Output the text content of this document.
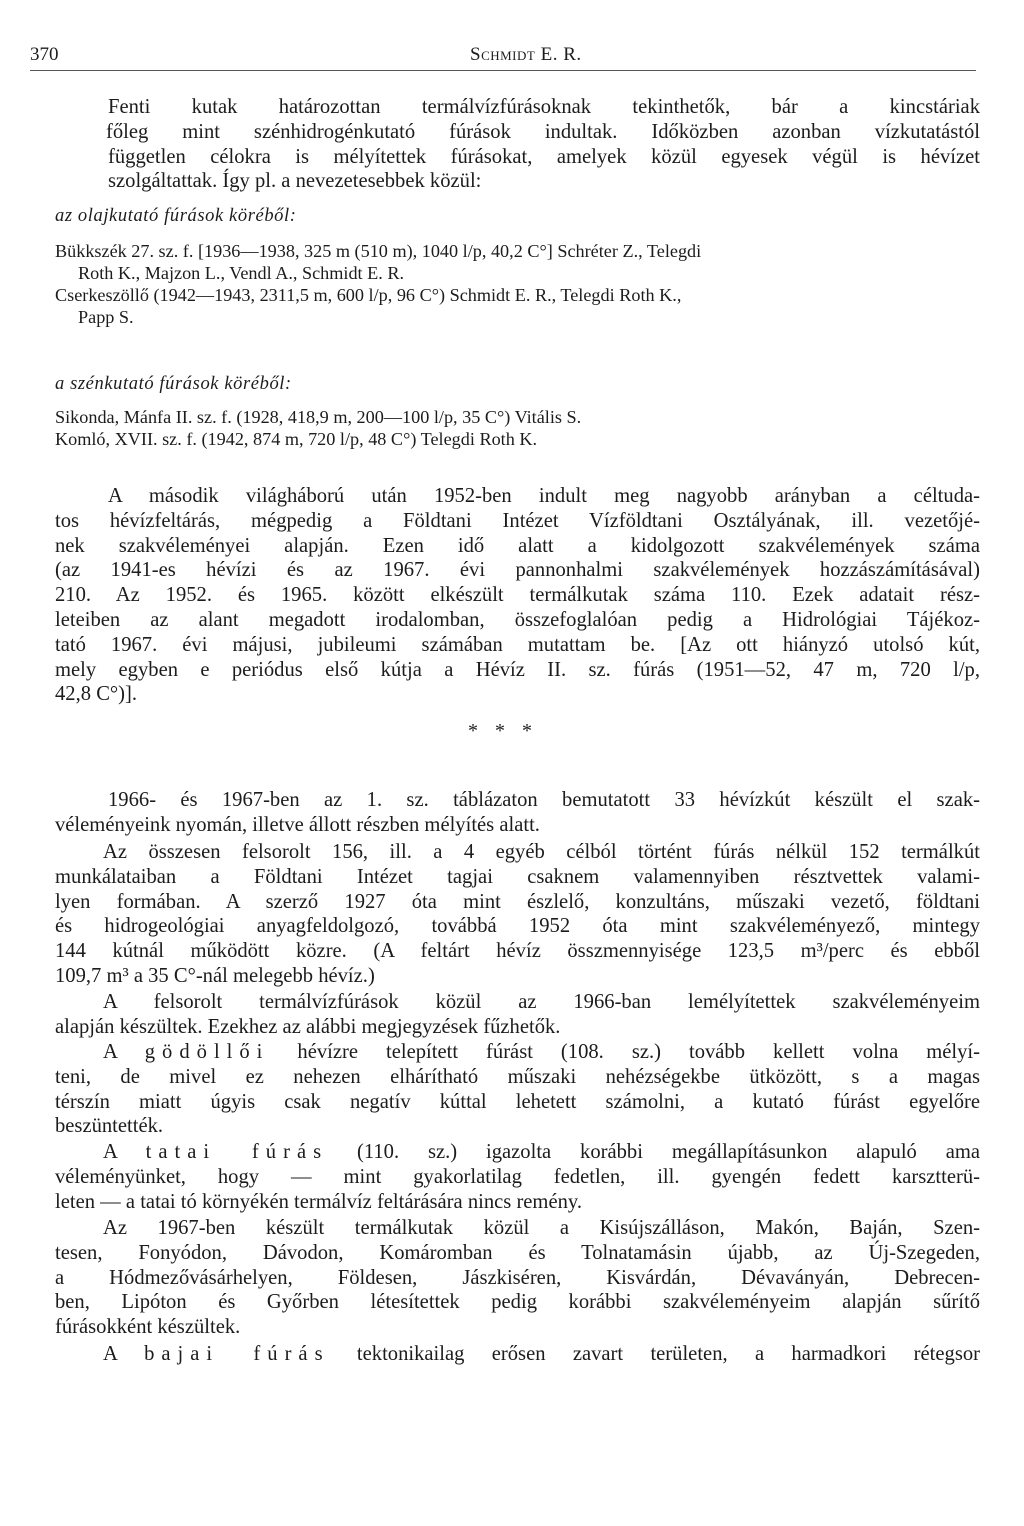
370	Schmidt E. R.
Fenti kutak határozottan termálvízfúrásoknak tekinthetők, bár a kincstáriak
főleg mint szénhidrogénkutató fúrások indultak. Időközben azonban vízkutatástól
független célokra is mélyítettek fúrásokat, amelyek közül egyesek végül is hévízet
szolgáltattak. Így pl. a nevezetesebbek közül:
az olajkutató fúrások köréből:
Bükkszék 27. sz. f. [1936—1938, 325 m (510 m), 1040 l/p, 40,2 C°] Schréter Z., Telegdi
Roth K., Majzon L., Vendl A., Schmidt E. R.
Cserkeszöllő (1942—1943, 2311,5 m, 600 l/p, 96 C°) Schmidt E. R., Telegdi Roth K.,
Papp S.
a szénkutató fúrások köréből:
Sikonda, Mánfa II. sz. f. (1928, 418,9 m, 200—100 l/p, 35 C°) Vitális S.
Komló, XVII. sz. f. (1942, 874 m, 720 l/p, 48 C°) Telegdi Roth K.
A második világháború után 1952-ben indult meg nagyobb arányban a céltuda-
tos hévízfeltárás, mégpedig a Földtani Intézet Vízföldtani Osztályának, ill. vezetőjé-
nek szakvéleményei alapján. Ezen idő alatt a kidolgozott szakvélemények száma
(az 1941-es hévízi és az 1967. évi pannonhalmi szakvélemények hozzászámításával)
210. Az 1952. és 1965. között elkészült termálkutak száma 110. Ezek adatait rész-
leteiben az alant megadott irodalomban, összefoglalóan pedig a Hidrológiai Tájékoz-
tató 1967. évi májusi, jubileumi számában mutattam be. [Az ott hiányzó utolsó kút,
mely egyben e periódus első kútja a Hévíz II. sz. fúrás (1951—52, 47 m, 720 l/p,
42,8 C°)].
* * *
1966- és 1967-ben az 1. sz. táblázaton bemutatott 33 hévízkút készült el szak-
véleményeink nyomán, illetve állott részben mélyítés alatt.
Az összesen felsorolt 156, ill. a 4 egyéb célból történt fúrás nélkül 152 termálkút
munkálataiban a Földtani Intézet tagjai csaknem valamennyiben résztvettek valami-
lyen formában. A szerző 1927 óta mint észlelő, konzultáns, műszaki vezető, földtani
és hidrogeológiai anyagfeldolgozó, továbbá 1952 óta mint szakvéleményező, mintegy
144 kútnál működött közre. (A feltárt hévíz összmennyisége 123,5 m³/perc és ebből
109,7 m³ a 35 C°-nál melegebb hévíz.)
A felsorolt termálvízfúrások közül az 1966-ban lemélyítettek szakvéleményeim
alapján készültek. Ezekhez az alábbi megjegyzések fűzhetők.
A gödöllői hévízre telepített fúrást (108. sz.) tovább kellett volna mélyí-
teni, de mivel ez nehezen elhárítható műszaki nehézségekbe ütközött, s a magas
térszín miatt úgyis csak negatív kúttal lehetett számolni, a kutató fúrást egyelőre
beszüntették.
A tatai fúrás (110. sz.) igazolta korábbi megállapításunkon alapuló ama
véleményünket, hogy — mint gyakorlatilag fedetlen, ill. gyengén fedett karsztterü-
leten — a tatai tó környékén termálvíz feltárására nincs remény.
Az 1967-ben készült termálkutak közül a Kisújszálláson, Makón, Baján, Szen-
tesen, Fonyódon, Dávodon, Komáromban és Tolnatamásin újabb, az Új-Szegeden,
a Hódmezővásárhelyen, Földesen, Jászkiséren, Kisvárdán, Dévaványán, Debrecen-
ben, Lipóton és Győrben létesítettek pedig korábbi szakvéleményeim alapján sűrítő
fúrásokként készültek.
A bajai fúrás tektonikailag erősen zavart területen, a harmadkori rétegsor
